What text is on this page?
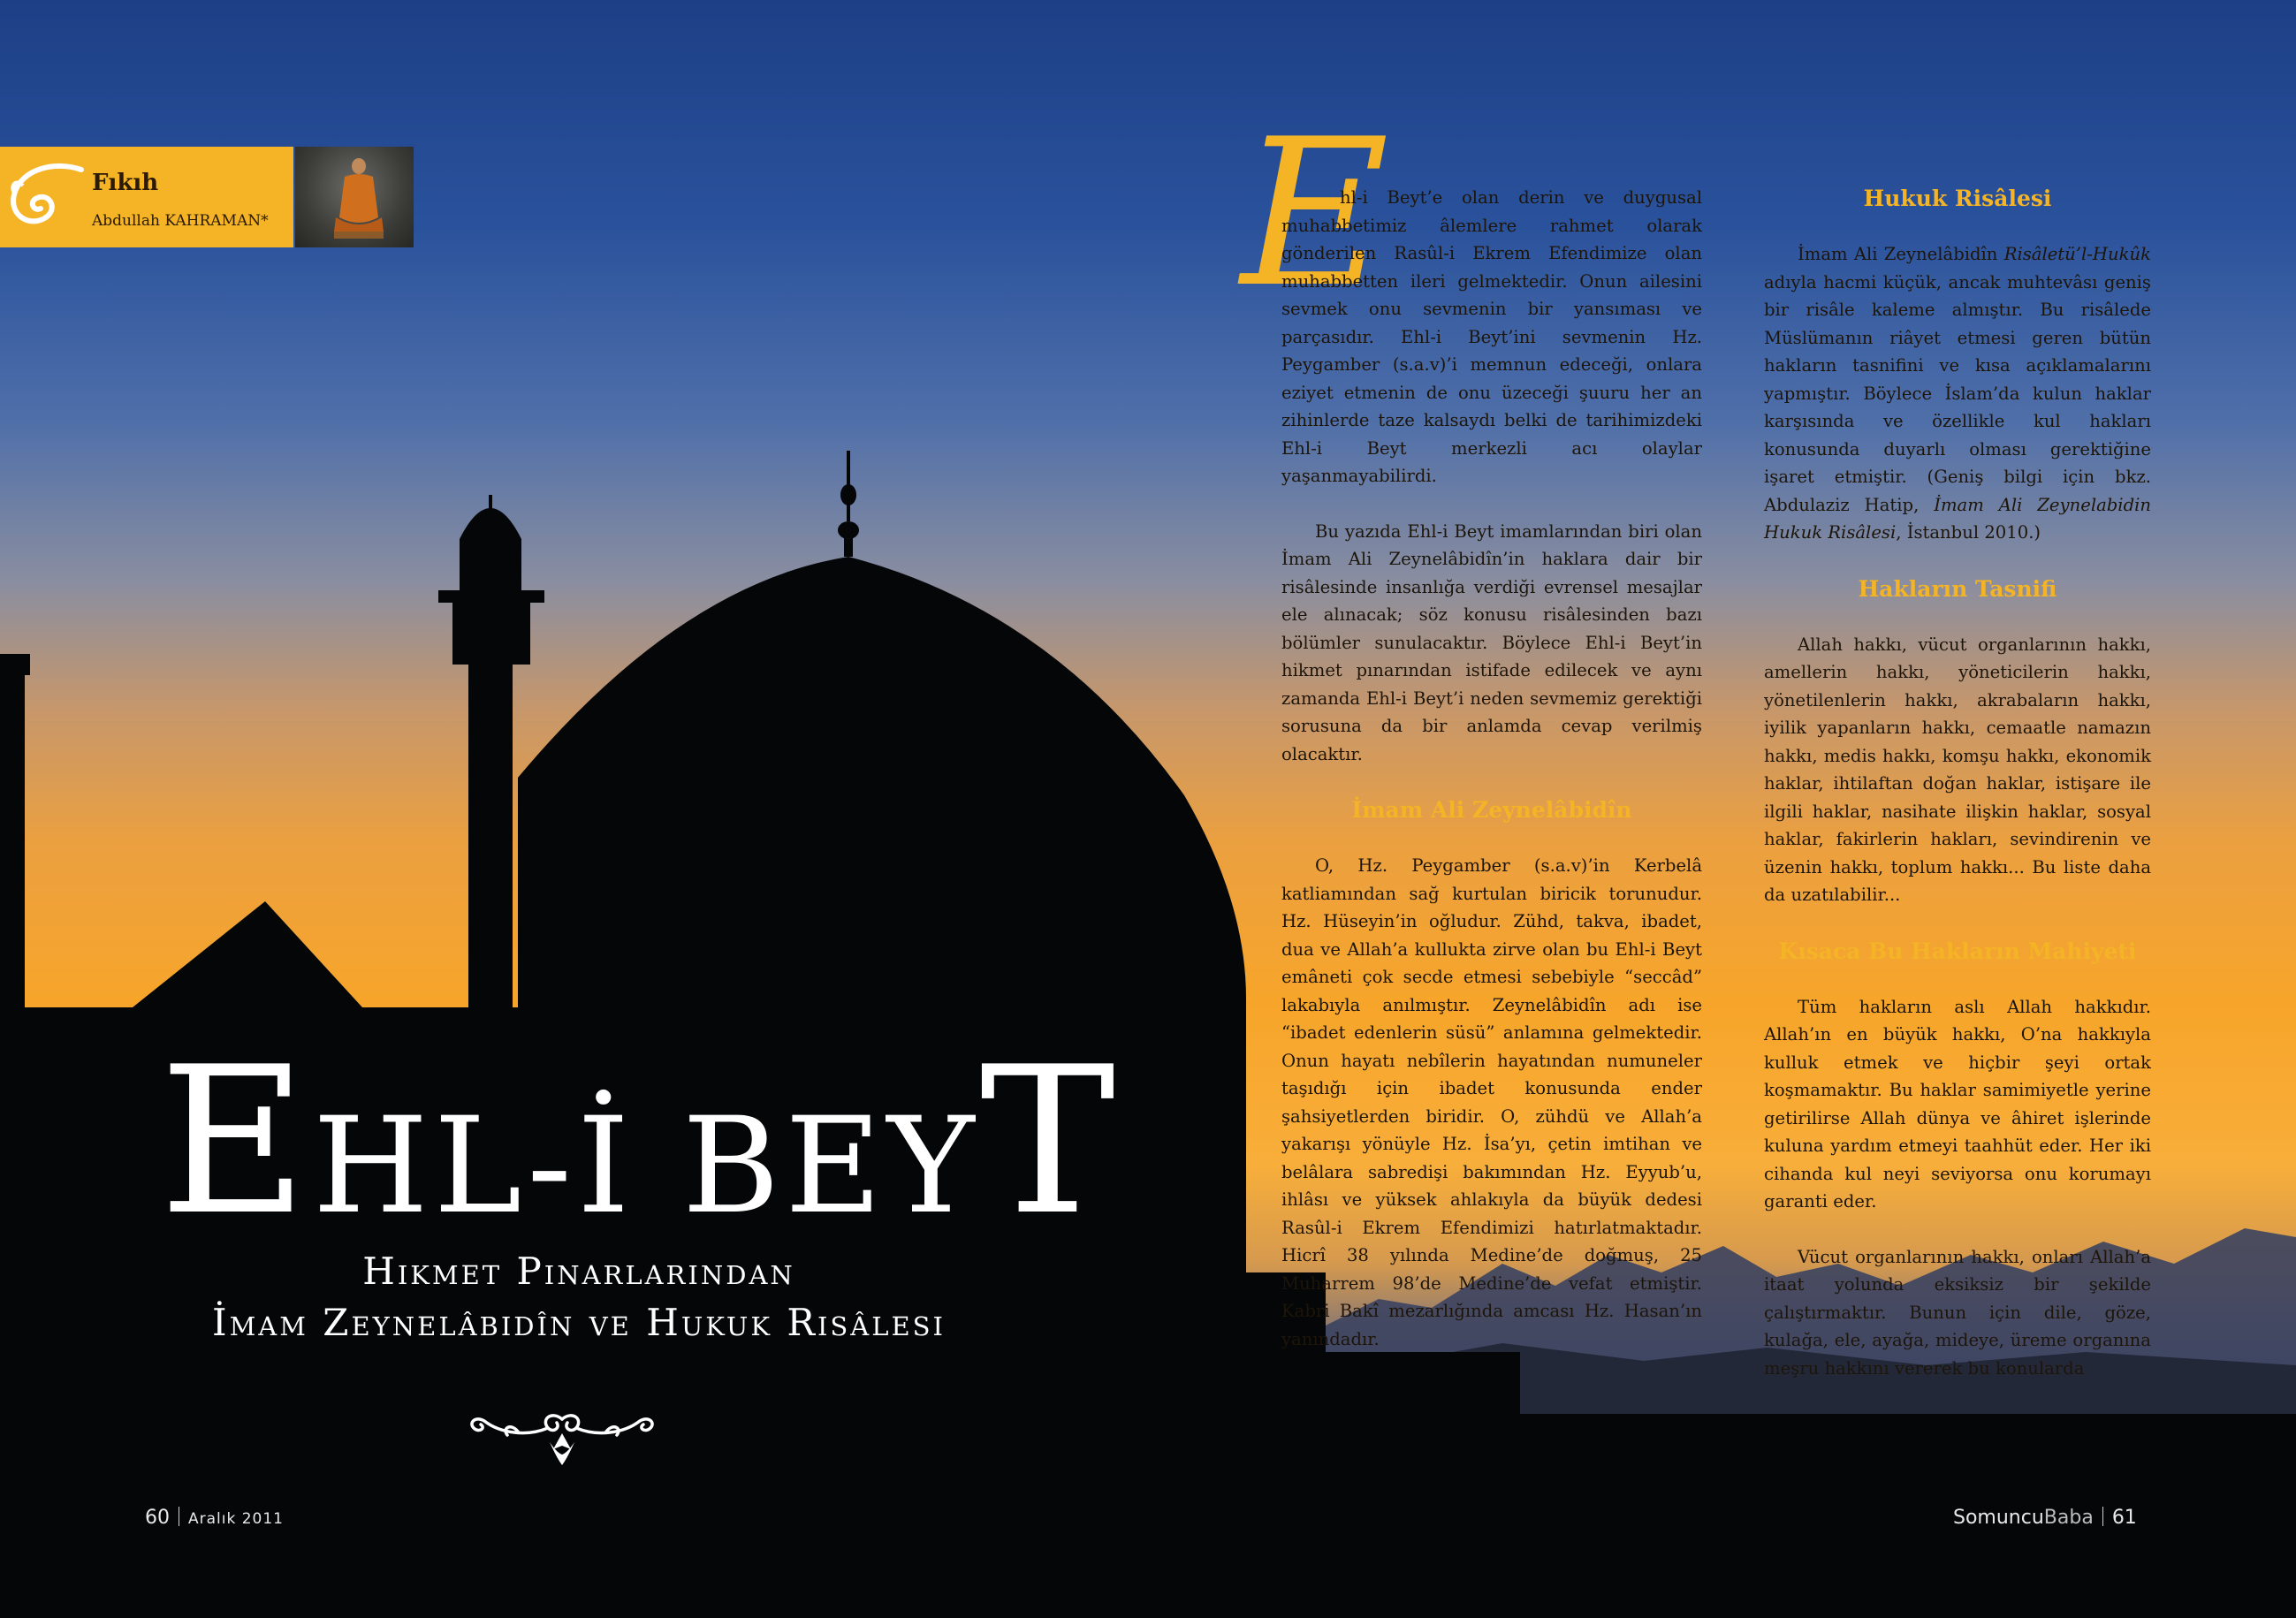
Fıkıh
Abdullah KAHRAMAN*
EHL-İ BEYT
Hikmet Pınarlarından
İmam Zeynelâbidîn ve Hukuk Risâlesi
E

hl-i Beyt’e olan derin ve duygusal muhabbetimiz âlemlere rahmet olarak gönderilen Rasûl-i Ekrem Efendimize olan muhabbetten ileri gelmektedir. Onun ailesini sevmek onu sevmenin bir yansıması ve parçasıdır. Ehl-i Beyt’ini sevmenin Hz. Peygamber (s.a.v)’i memnun edeceği, onlara eziyet etmenin de onu üzeceği şuuru her an zihinlerde taze kalsaydı belki de tarihimizdeki Ehl-i Beyt merkezli acı olaylar yaşanmayabilirdi.

Bu yazıda Ehl-i Beyt imamlarından biri olan İmam Ali Zeynelâbidîn’in haklara dair bir risâlesinde insanlığa verdiği evrensel mesajlar ele alınacak; söz konusu risâlesinden bazı bölümler sunulacaktır. Böylece Ehl-i Beyt’in hikmet pınarından istifade edilecek ve aynı zamanda Ehl-i Beyt’i neden sevmemiz gerektiği sorusuna da bir anlamda cevap verilmiş olacaktır.

İmam Ali Zeynelâbidîn

O, Hz. Peygamber (s.a.v)’in Kerbelâ katliamından sağ kurtulan biricik torunudur. Hz. Hüseyin’in oğludur. Zühd, takva, ibadet, dua ve Allah’a kullukta zirve olan bu Ehl-i Beyt emâneti çok secde etmesi sebebiyle “seccâd” lakabıyla anılmıştır. Zeynelâbidîn adı ise “ibadet edenlerin süsü” anlamına gelmektedir. Onun hayatı nebîlerin hayatından numuneler taşıdığı için ibadet konusunda ender şahsiyetlerden biridir. O, zühdü ve Allah’a yakarışı yönüyle Hz. İsa’yı, çetin imtihan ve belâlara sabredişi bakımından Hz. Eyyub’u, ihlâsı ve yüksek ahlakıyla da büyük dedesi Rasûl-i Ekrem Efendimizi hatırlatmaktadır. Hicrî 38 yılında Medine’de doğmuş, 25 Muharrem 98’de Medine’de vefat etmiştir. Kabri Bakî mezarlığında amcası Hz. Hasan’ın yanındadır.

Hukuk Risâlesi

İmam Ali Zeynelâbidîn Risâletü’l-Hukûk adıyla hacmi küçük, ancak muhtevâsı geniş bir risâle kaleme almıştır. Bu risâlede Müslümanın riâyet etmesi geren bütün hakların tasnifini ve kısa açıklamalarını yapmıştır. Böylece İslam’da kulun haklar karşısında ve özellikle kul hakları konusunda duyarlı olması gerektiğine işaret etmiştir. (Geniş bilgi için bkz. Abdulaziz Hatip, İmam Ali Zeynelabidin Hukuk Risâlesi, İstanbul 2010.)

Hakların Tasnifi

Allah hakkı, vücut organlarının hakkı, amellerin hakkı, yöneticilerin hakkı, yönetilenlerin hakkı, akrabaların hakkı, iyilik yapanların hakkı, cemaatle namazın hakkı, medis hakkı, komşu hakkı, ekonomik haklar, ihtilaftan doğan haklar, istişare ile ilgili haklar, nasihate ilişkin haklar, sosyal haklar, fakirlerin hakları, sevindirenin ve üzenin hakkı, toplum hakkı... Bu liste daha da uzatılabilir...

Kısaca Bu Hakların Mahiyeti

Tüm hakların aslı Allah hakkıdır. Allah’ın en büyük hakkı, O’na hakkıyla kulluk etmek ve hiçbir şeyi ortak koşmamaktır. Bu haklar samimiyetle yerine getirilirse Allah dünya ve âhiret işlerinde kuluna yardım etmeyi taahhüt eder. Her iki cihanda kul neyi seviyorsa onu korumayı garanti eder.

Vücut organlarının hakkı, onları Allah’a itaat yolunda eksiksiz bir şekilde çalıştırmaktır. Bunun için dile, göze, kulağa, ele, ayağa, mideye, üreme organına meşru hakkını vererek bu konularda

60 Aralık 2011	SomuncuBaba 61
